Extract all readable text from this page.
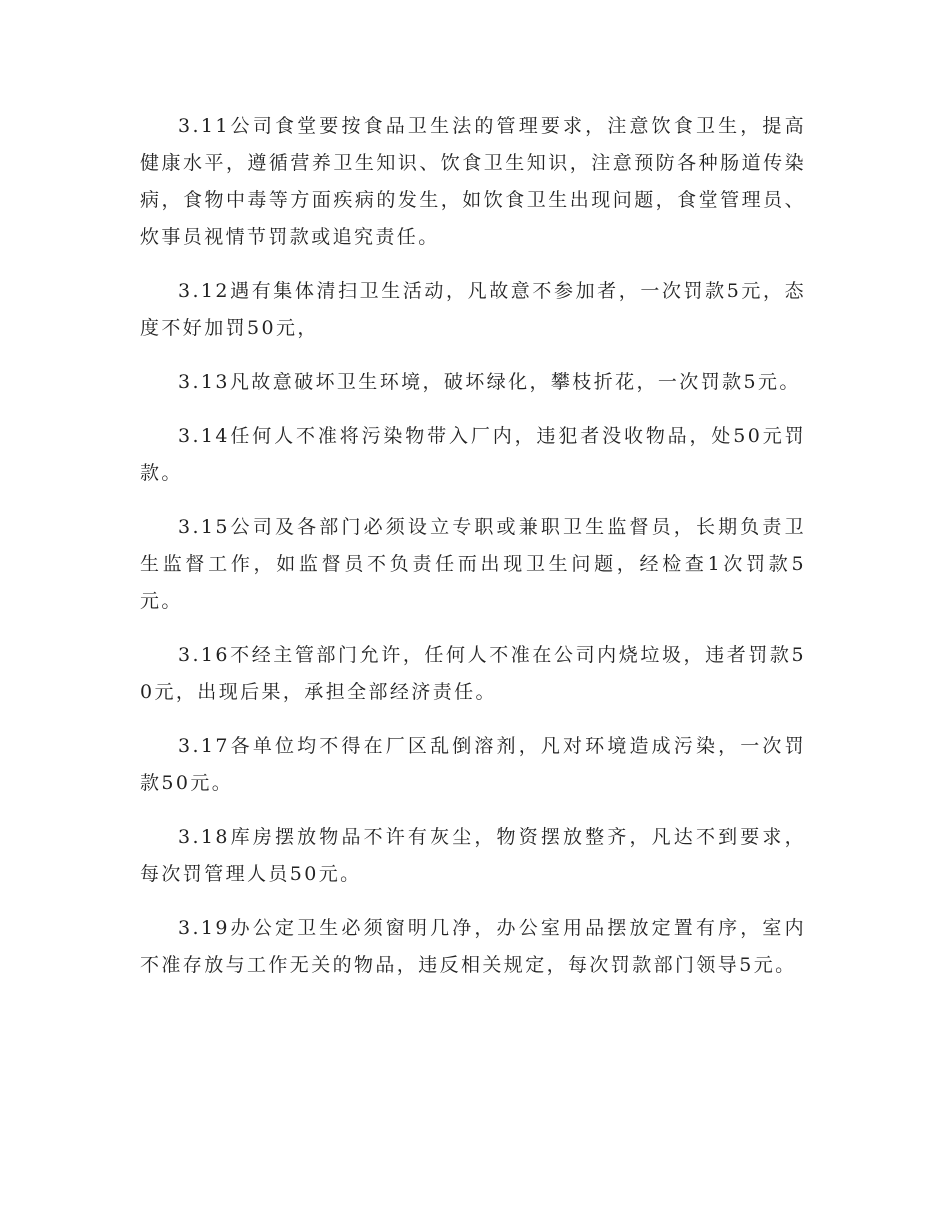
3.11公司食堂要按食品卫生法的管理要求，注意饮食卫生，提高健康水平，遵循营养卫生知识、饮食卫生知识，注意预防各种肠道传染病，食物中毒等方面疾病的发生，如饮食卫生出现问题，食堂管理员、炊事员视情节罚款或追究责任。

3.12遇有集体清扫卫生活动，凡故意不参加者，一次罚款5元，态度不好加罚50元，

3.13凡故意破坏卫生环境，破坏绿化，攀枝折花，一次罚款5元。

3.14任何人不准将污染物带入厂内，违犯者没收物品，处50元罚款。

3.15公司及各部门必须设立专职或兼职卫生监督员，长期负责卫生监督工作，如监督员不负责任而出现卫生问题，经检查1次罚款5元。

3.16不经主管部门允许，任何人不准在公司内烧垃圾，违者罚款50元，出现后果，承担全部经济责任。

3.17各单位均不得在厂区乱倒溶剂，凡对环境造成污染，一次罚款50元。

3.18库房摆放物品不许有灰尘，物资摆放整齐，凡达不到要求，每次罚管理人员50元。

3.19办公定卫生必须窗明几净，办公室用品摆放定置有序，室内不准存放与工作无关的物品，违反相关规定，每次罚款部门领导5元。
